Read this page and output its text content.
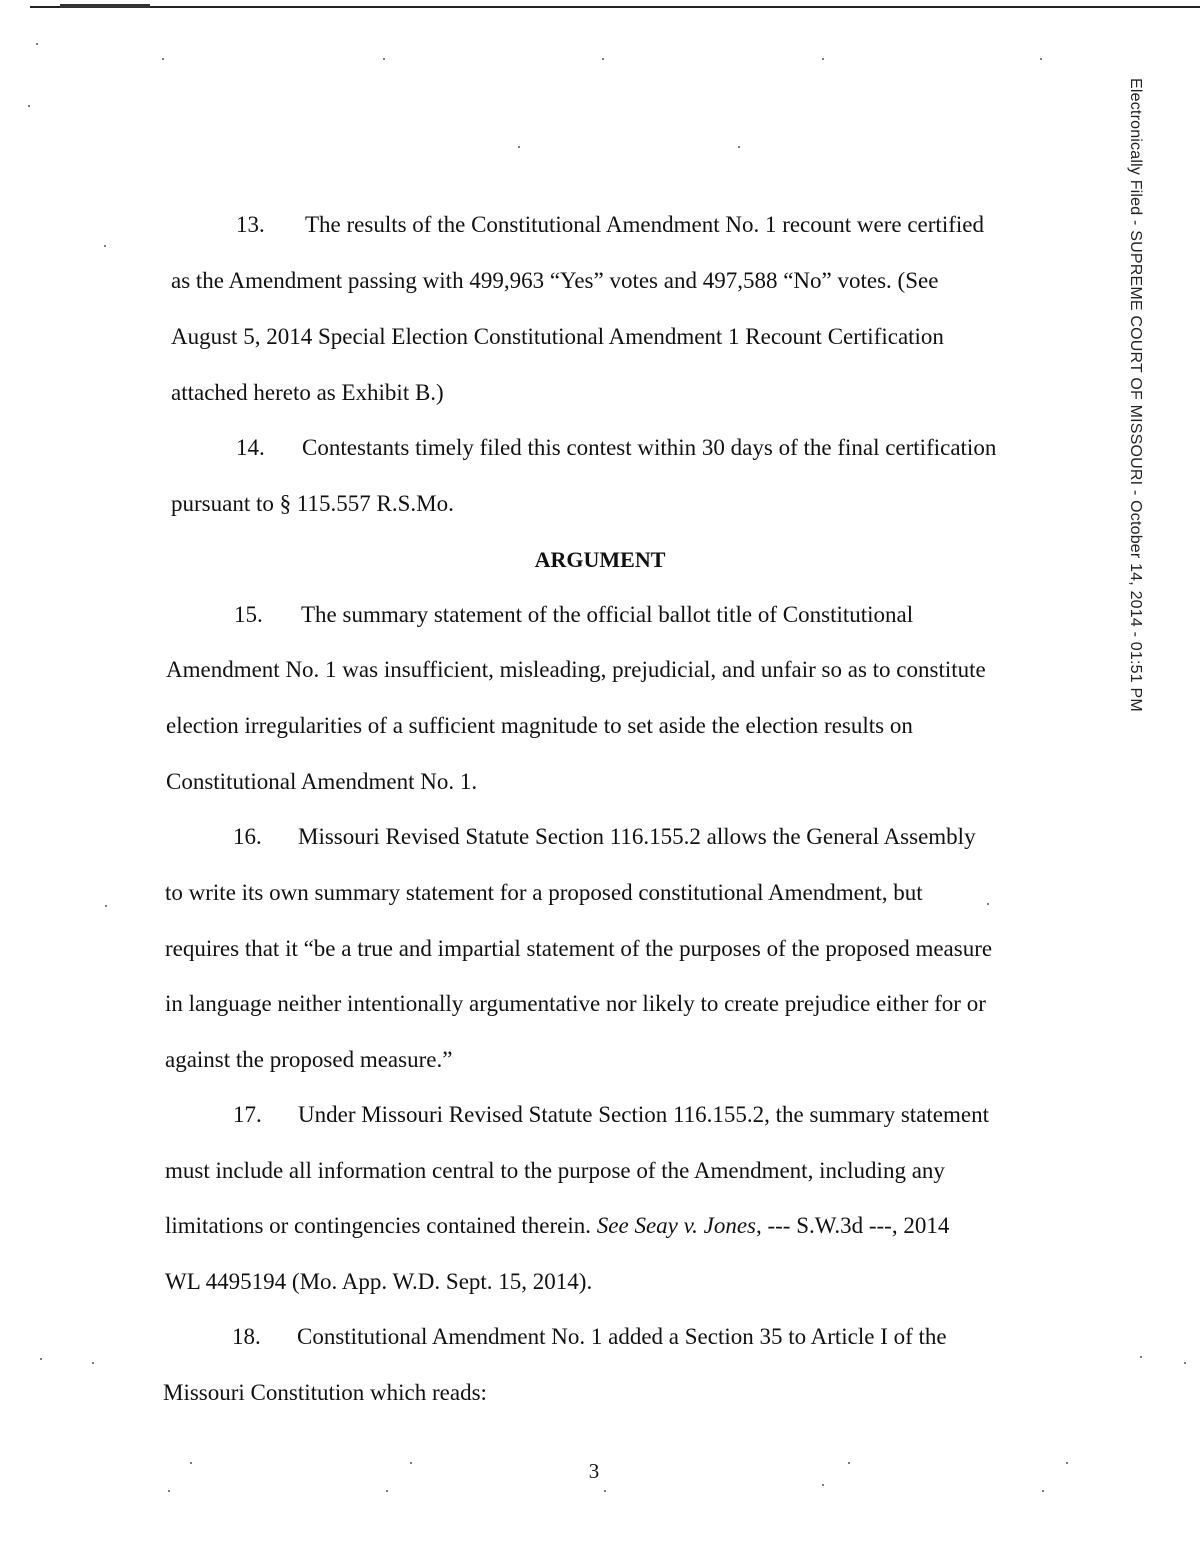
Electronically Filed - SUPREME COURT OF MISSOURI - October 14, 2014 - 01:51 PM
13. The results of the Constitutional Amendment No. 1 recount were certified
as the Amendment passing with 499,963 “Yes” votes and 497,588 “No” votes. (See
August 5, 2014 Special Election Constitutional Amendment 1 Recount Certification
attached hereto as Exhibit B.)
14. Contestants timely filed this contest within 30 days of the final certification
pursuant to § 115.557 R.S.Mo.
ARGUMENT
15. The summary statement of the official ballot title of Constitutional
Amendment No. 1 was insufficient, misleading, prejudicial, and unfair so as to constitute
election irregularities of a sufficient magnitude to set aside the election results on
Constitutional Amendment No. 1.
16. Missouri Revised Statute Section 116.155.2 allows the General Assembly
to write its own summary statement for a proposed constitutional Amendment, but
requires that it “be a true and impartial statement of the purposes of the proposed measure
in language neither intentionally argumentative nor likely to create prejudice either for or
against the proposed measure.”
17. Under Missouri Revised Statute Section 116.155.2, the summary statement
must include all information central to the purpose of the Amendment, including any
limitations or contingencies contained therein. See Seay v. Jones, --- S.W.3d ---, 2014
WL 4495194 (Mo. App. W.D. Sept. 15, 2014).
18. Constitutional Amendment No. 1 added a Section 35 to Article I of the
Missouri Constitution which reads:
3
